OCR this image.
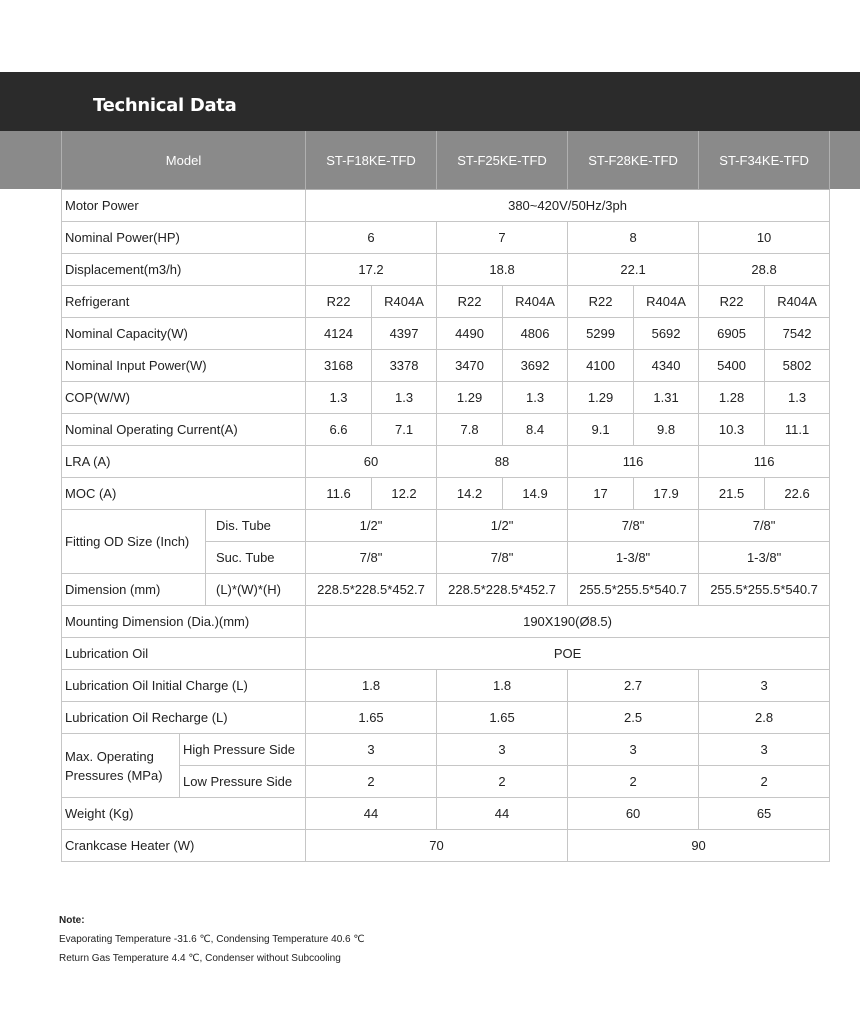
Technical Data
Model			ST-F18KE-TFD		ST-F25KE-TFD		ST-F28KE-TFD		ST-F34KE-TFD	
Motor Power			380~420V/50Hz/3ph							
Nominal Power(HP)			6		7		8		10	
Displacement(m3/h)			17.2		18.8		22.1		28.8	
Refrigerant			R22	R404A	R22	R404A	R22	R404A	R22	R404A
Nominal Capacity(W)			4124	4397	4490	4806	5299	5692	6905	7542
Nominal Input Power(W)			3168	3378	3470	3692	4100	4340	5400	5802
COP(W/W)			1.3	1.3	1.29	1.3	1.29	1.31	1.28	1.3
Nominal Operating Current(A)			6.6	7.1	7.8	8.4	9.1	9.8	10.3	11.1
LRA (A)			60		88		116		116	
MOC (A)			11.6	12.2	14.2	14.9	17	17.9	21.5	22.6
Fitting OD Size (Inch)		Dis. Tube	1/2"		1/2"		7/8"		7/8"	
		Suc. Tube	7/8"		7/8"		1-3/8"		1-3/8"	
Dimension (mm)		(L)*(W)*(H)	228.5*228.5*452.7		228.5*228.5*452.7		255.5*255.5*540.7		255.5*255.5*540.7	
Mounting Dimension (Dia.)(mm)			190X190(Ø8.5)							
Lubrication Oil			POE							
Lubrication Oil Initial Charge (L)			1.8		1.8		2.7		3	
Lubrication Oil Recharge (L)			1.65		1.65		2.5		2.8	
Max. Operating
Pressures (MPa)	High Pressure Side		3		3		3		3	
	Low Pressure Side		2		2		2		2	
Weight (Kg)			44		44		60		65	
Crankcase Heater (W)			70				90			
Note:
Evaporating Temperature -31.6 ℃, Condensing Temperature 40.6 ℃
Return Gas Temperature 4.4 ℃, Condenser without Subcooling
